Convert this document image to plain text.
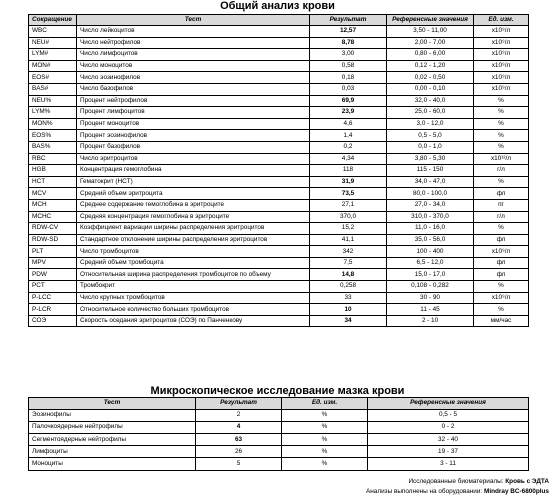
Общий анализ крови
Сокращение	Тест	Результат	Референсные значения	Ед. изм.
WBC	Число лейкоцитов	12,57	3,50 - 11,00	х10⁹/л
NEU#	Число нейтрофилов	8,78	2,00 - 7,00	х10⁹/л
LYM#	Число лимфоцитов	3,00	0,80 - 6,00	х10⁹/л
MON#	Число моноцитов	0,58	0,12 - 1,20	х10⁹/л
EOS#	Число эозинофилов	0,18	0,02 - 0,50	х10⁹/л
BAS#	Число базофилов	0,03	0,00 - 0,10	х10⁹/л
NEU%	Процент нейтрофилов	69,9	32,0 - 40,0	%
LYM%	Процент лимфоцитов	23,9	25,0 - 60,0	%
MON%	Процент моноцитов	4,6	3,0 - 12,0	%
EOS%	Процент эозинофилов	1,4	0,5 - 5,0	%
BAS%	Процент базофилов	0,2	0,0 - 1,0	%
RBC	Число эритроцитов	4,34	3,80 - 5,30	х10¹²/л
HGB	Концентрация гемоглобина	118	115 - 150	г/л
HCT	Гематокрит (HCT)	31,9	34,0 - 47,0	%
MCV	Средний объем эритроцита	73,5	80,0 - 100,0	фл
MCH	Среднее содержание гемоглобина в эритроците	27,1	27,0 - 34,0	пг
MCHC	Средняя концентрация гемоглобина в эритроците	370,0	310,0 - 370,0	г/л
RDW-CV	Коэффициент вариации ширины распределения эритроцитов	15,2	11,0 - 16,0	%
RDW-SD	Стандартное отклонение ширины распределения эритроцитов	41,1	35,0 - 56,0	фл
PLT	Число тромбоцитов	342	100 - 400	х10⁹/л
MPV	Средний объем тромбоцита	7,5	6,5 - 12,0	фл
PDW	Относительная ширина распределения тромбоцитов по объему	14,8	15,0 - 17,0	фл
PCT	Тромбокрит	0,258	0,108 - 0,282	%
P-LCC	Число крупных тромбоцитов	33	30 - 90	х10⁹/л
P-LCR	Относительное количество больших тромбоцитов	10	11 - 45	%
СОЭ	Скорость оседания эритроцитов (СОЭ) по Панченкову	34	2 - 10	мм/час
Микроскопическое исследование мазка крови
Тест	Результат	Ед. изм.	Референсные значения
Эозинофилы	2	%	0,5 - 5
Палочкоядерные нейтрофилы	4	%	0 - 2
Сегментоядерные нейтрофилы	63	%	32 - 40
Лимфоциты	26	%	19 - 37
Моноциты	5	%	3 - 11
Исследованные биоматериалы: Кровь с ЭДТА
Анализы выполнены на оборудовании: Mindray BC-6800plus
